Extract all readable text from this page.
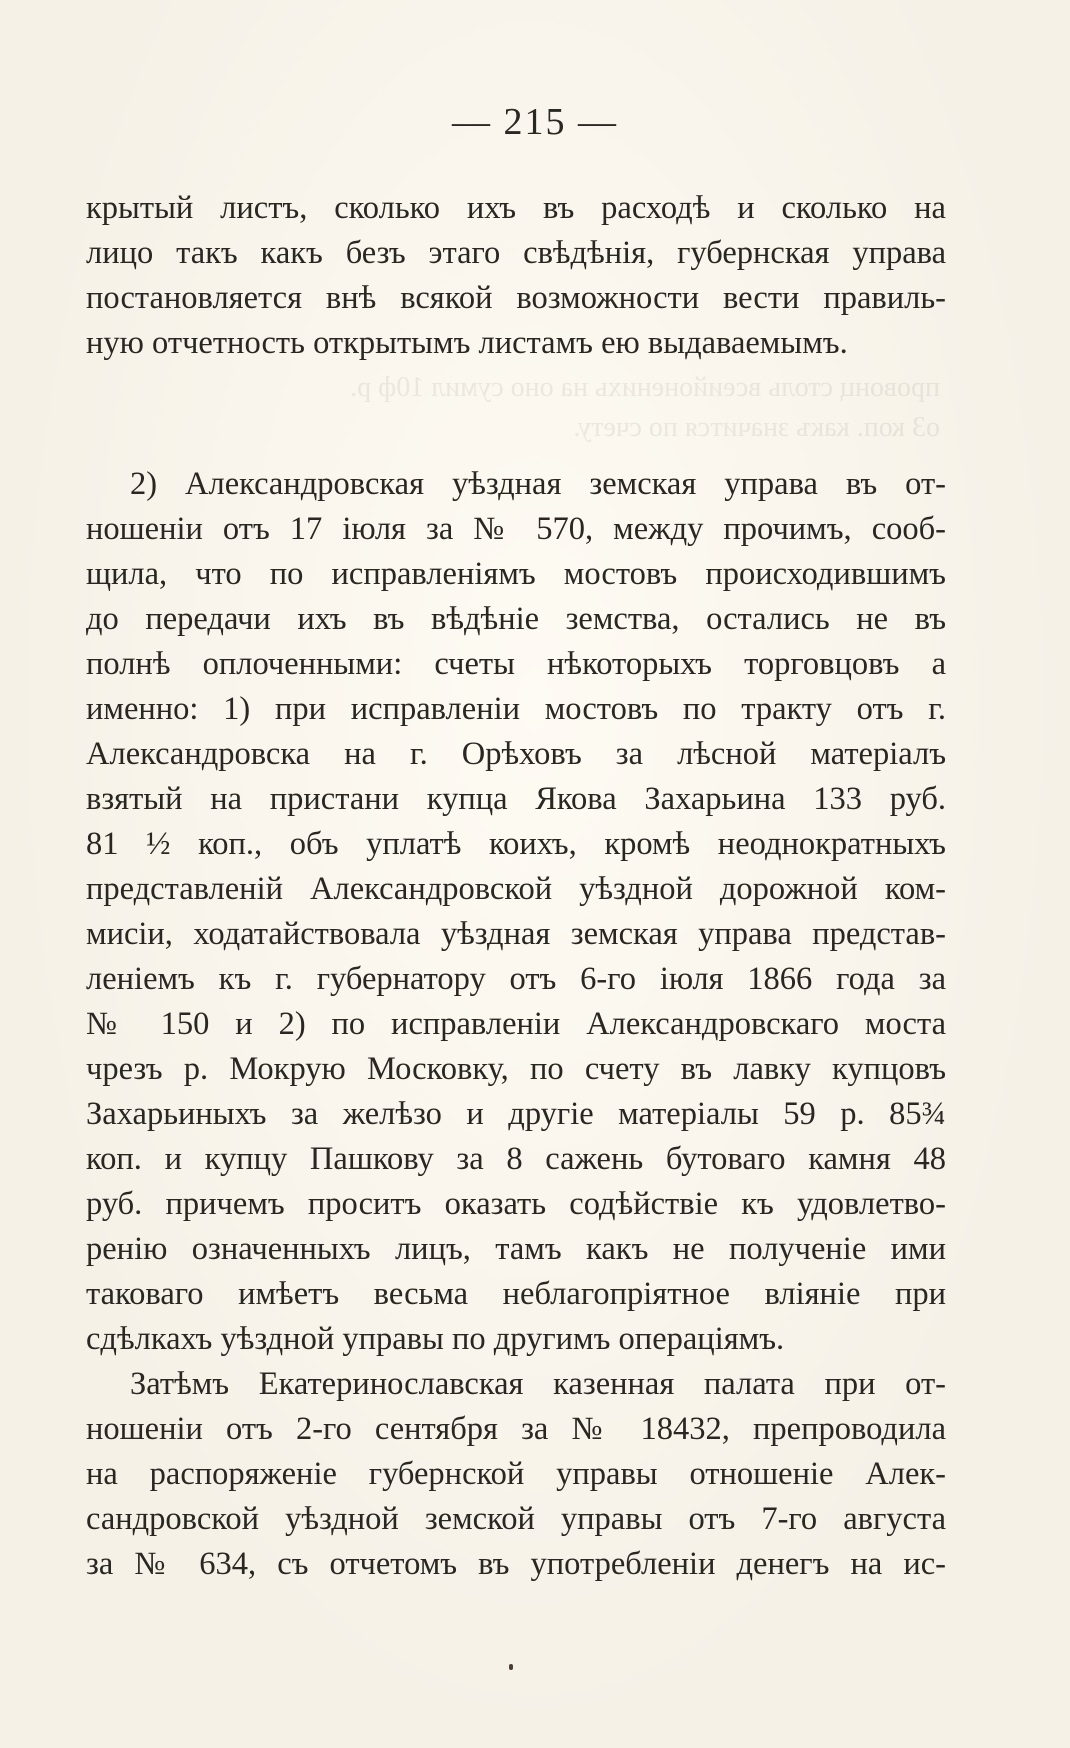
провонц столь всеийоненихь на оно сумил 10ф р.
оЗ коп. какъ значится по счету.
— 215 —
крытый листъ, сколько ихъ въ расходѣ и сколько на
лицо такъ какъ безъ этаго свѣдѣнія, губернская управа
постановляется внѣ всякой возможности вести правиль-
ную отчетность открытымъ листамъ ею выдаваемымъ.
2) Александровская уѣздная земская управа въ от-
ношеніи отъ 17 іюля за № 570, между прочимъ, сооб-
щила, что по исправленіямъ мостовъ происходившимъ
до передачи ихъ въ вѣдѣніе земства, остались не въ
полнѣ оплоченными: счеты нѣкоторыхъ торговцовъ а
именно: 1) при исправленіи мостовъ по тракту отъ г.
Александровска на г. Орѣховъ за лѣсной матеріалъ
взятый на пристани купца Якова Захарьина 133 руб.
81 ½ коп., объ уплатѣ коихъ, кромѣ неоднократныхъ
представленій Александровской уѣздной дорожной ком-
мисіи, ходатайствовала уѣздная земская управа представ-
леніемъ къ г. губернатору отъ 6-го іюля 1866 года за
№ 150 и 2) по исправленіи Александровскаго моста
чрезъ р. Мокрую Московку, по счету въ лавку купцовъ
Захарьиныхъ за желѣзо и другіе матеріалы 59 р. 85¾
коп. и купцу Пашкову за 8 сажень бутоваго камня 48
руб. причемъ проситъ оказать содѣйствіе къ удовлетво-
ренію означенныхъ лицъ, тамъ какъ не полученіе ими
таковаго имѣетъ весьма неблагопріятное вліяніе при
сдѣлкахъ уѣздной управы по другимъ операціямъ.
Затѣмъ Екатеринославская казенная палата при от-
ношеніи отъ 2-го сентября за № 18432, препроводила
на распоряженіе губернской управы отношеніе Алек-
сандровской уѣздной земской управы отъ 7-го августа
за № 634, съ отчетомъ въ употребленіи денегъ на ис-
